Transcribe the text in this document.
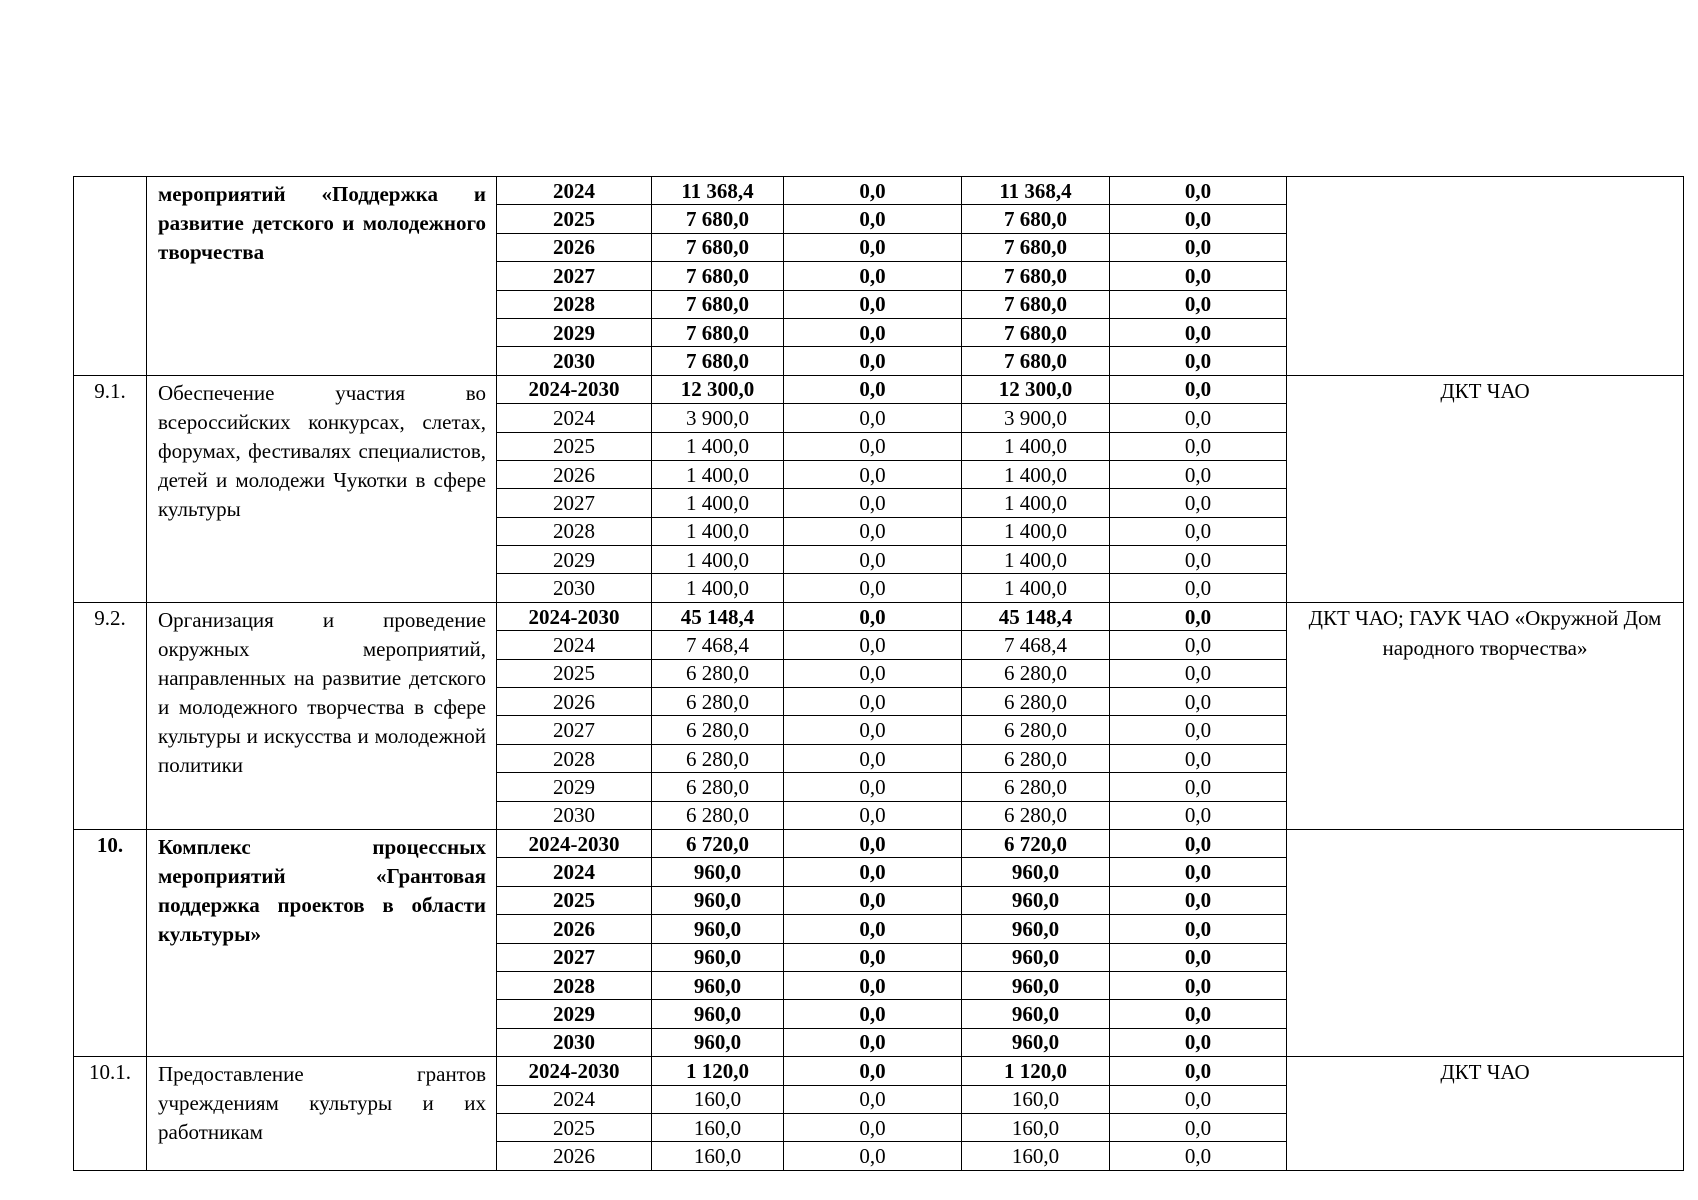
	мероприятий «Поддержка и развитие детского и молодежного творчества	2024	11 368,4	0,0	11 368,4	0,0	
		2025	7 680,0	0,0	7 680,0	0,0	
		2026	7 680,0	0,0	7 680,0	0,0	
		2027	7 680,0	0,0	7 680,0	0,0	
		2028	7 680,0	0,0	7 680,0	0,0	
		2029	7 680,0	0,0	7 680,0	0,0	
		2030	7 680,0	0,0	7 680,0	0,0	
9.1.	Обеспечение участия во всероссийских конкурсах, слетах, форумах, фестивалях специалистов, детей и молодежи Чукотки в сфере культуры	2024-2030	12 300,0	0,0	12 300,0	0,0	ДКТ ЧАО
		2024	3 900,0	0,0	3 900,0	0,0	
		2025	1 400,0	0,0	1 400,0	0,0	
		2026	1 400,0	0,0	1 400,0	0,0	
		2027	1 400,0	0,0	1 400,0	0,0	
		2028	1 400,0	0,0	1 400,0	0,0	
		2029	1 400,0	0,0	1 400,0	0,0	
		2030	1 400,0	0,0	1 400,0	0,0	
9.2.	Организация и проведение окружных мероприятий, направленных на развитие детского и молодежного творчества в сфере культуры и искусства и молодежной политики	2024-2030	45 148,4	0,0	45 148,4	0,0	ДКТ ЧАО; ГАУК ЧАО «Окружной Дом народного творчества»
		2024	7 468,4	0,0	7 468,4	0,0	
		2025	6 280,0	0,0	6 280,0	0,0	
		2026	6 280,0	0,0	6 280,0	0,0	
		2027	6 280,0	0,0	6 280,0	0,0	
		2028	6 280,0	0,0	6 280,0	0,0	
		2029	6 280,0	0,0	6 280,0	0,0	
		2030	6 280,0	0,0	6 280,0	0,0	
10.	Комплекс процессных мероприятий «Грантовая поддержка проектов в области культуры»	2024-2030	6 720,0	0,0	6 720,0	0,0	
		2024	960,0	0,0	960,0	0,0	
		2025	960,0	0,0	960,0	0,0	
		2026	960,0	0,0	960,0	0,0	
		2027	960,0	0,0	960,0	0,0	
		2028	960,0	0,0	960,0	0,0	
		2029	960,0	0,0	960,0	0,0	
		2030	960,0	0,0	960,0	0,0	
10.1.	Предоставление грантов учреждениям культуры и их работникам	2024-2030	1 120,0	0,0	1 120,0	0,0	ДКТ ЧАО
		2024	160,0	0,0	160,0	0,0	
		2025	160,0	0,0	160,0	0,0	
		2026	160,0	0,0	160,0	0,0	
